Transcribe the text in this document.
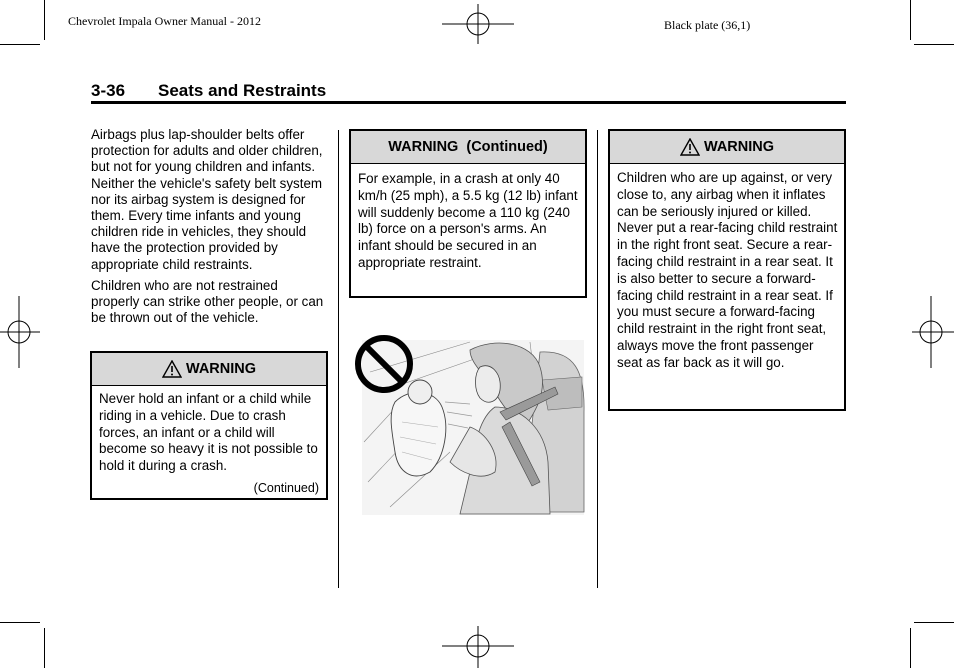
Chevrolet Impala Owner Manual - 2012	Black plate (36,1)
3-36 Seats and Restraints

Airbags plus lap-shoulder belts offer protection for adults and older children, but not for young children and infants. Neither the vehicle's safety belt system nor its airbag system is designed for them. Every time infants and young children ride in vehicles, they should have the protection provided by appropriate child restraints.

Children who are not restrained properly can strike other people, or can be thrown out of the vehicle.

WARNING
Never hold an infant or a child while riding in a vehicle. Due to crash forces, an infant or a child will become so heavy it is not possible to hold it during a crash.
(Continued)
WARNING  (Continued)
For example, in a crash at only 40 km/h (25 mph), a 5.5 kg (12 lb) infant will suddenly become a 110 kg (240 lb) force on a person's arms. An infant should be secured in an appropriate restraint.
WARNING
Children who are up against, or very close to, any airbag when it inflates can be seriously injured or killed. Never put a rear-facing child restraint in the right front seat. Secure a rear-facing child restraint in a rear seat. It is also better to secure a forward-facing child restraint in a rear seat. If you must secure a forward-facing child restraint in the right front seat, always move the front passenger seat as far back as it will go.
